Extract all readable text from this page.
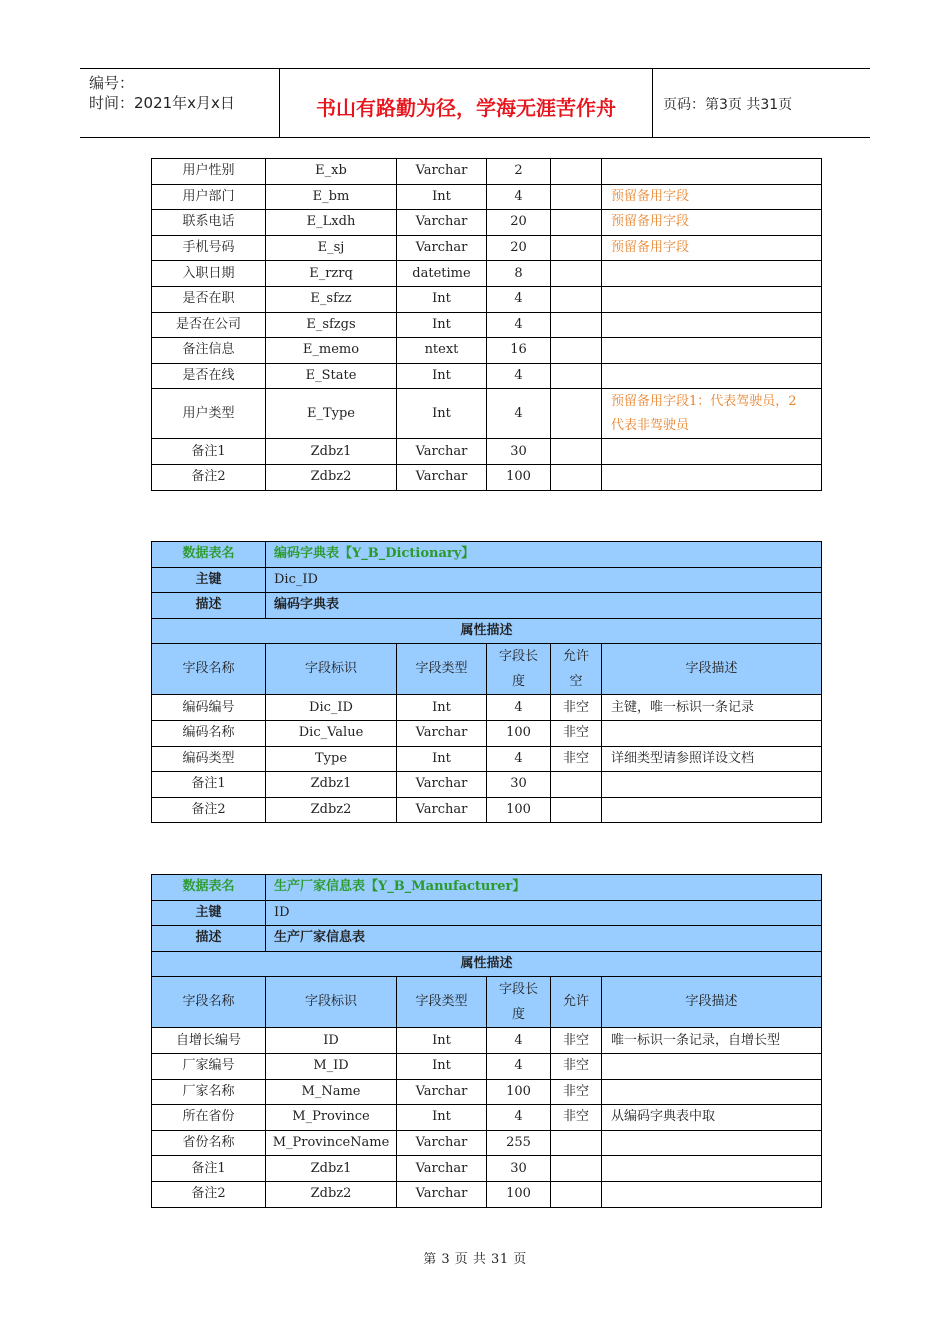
编号：
时间：2021年x月x日	书山有路勤为径，学海无涯苦作舟	页码：第3页 共31页
用户性别	E_xb	Varchar	2		
用户部门	E_bm	Int	4		预留备用字段
联系电话	E_Lxdh	Varchar	20		预留备用字段
手机号码	E_sj	Varchar	20		预留备用字段
入职日期	E_rzrq	datetime	8		
是否在职	E_sfzz	Int	4		
是否在公司	E_sfzgs	Int	4		
备注信息	E_memo	ntext	16		
是否在线	E_State	Int	4		
用户类型	E_Type	Int	4		预留备用字段1：代表驾驶员，2代表非驾驶员
备注1	Zdbz1	Varchar	30		
备注2	Zdbz2	Varchar	100		
数据表名	编码字典表【Y_B_Dictionary】				
主键	Dic_ID				
描述	编码字典表				
属性描述					
字段名称	字段标识	字段类型	字段长度	允许空	字段描述
编码编号	Dic_ID	Int	4	非空	主键，唯一标识一条记录
编码名称	Dic_Value	Varchar	100	非空	
编码类型	Type	Int	4	非空	详细类型请参照详设文档
备注1	Zdbz1	Varchar	30		
备注2	Zdbz2	Varchar	100		
数据表名	生产厂家信息表【Y_B_Manufacturer】				
主键	ID				
描述	生产厂家信息表				
属性描述					
字段名称	字段标识	字段类型	字段长度	允许	字段描述
自增长编号	ID	Int	4	非空	唯一标识一条记录，自增长型
厂家编号	M_ID	Int	4	非空	
厂家名称	M_Name	Varchar	100	非空	
所在省份	M_Province	Int	4	非空	从编码字典表中取
省份名称	M_ProvinceName	Varchar	255		
备注1	Zdbz1	Varchar	30		
备注2	Zdbz2	Varchar	100		
第 3 页 共 31 页
